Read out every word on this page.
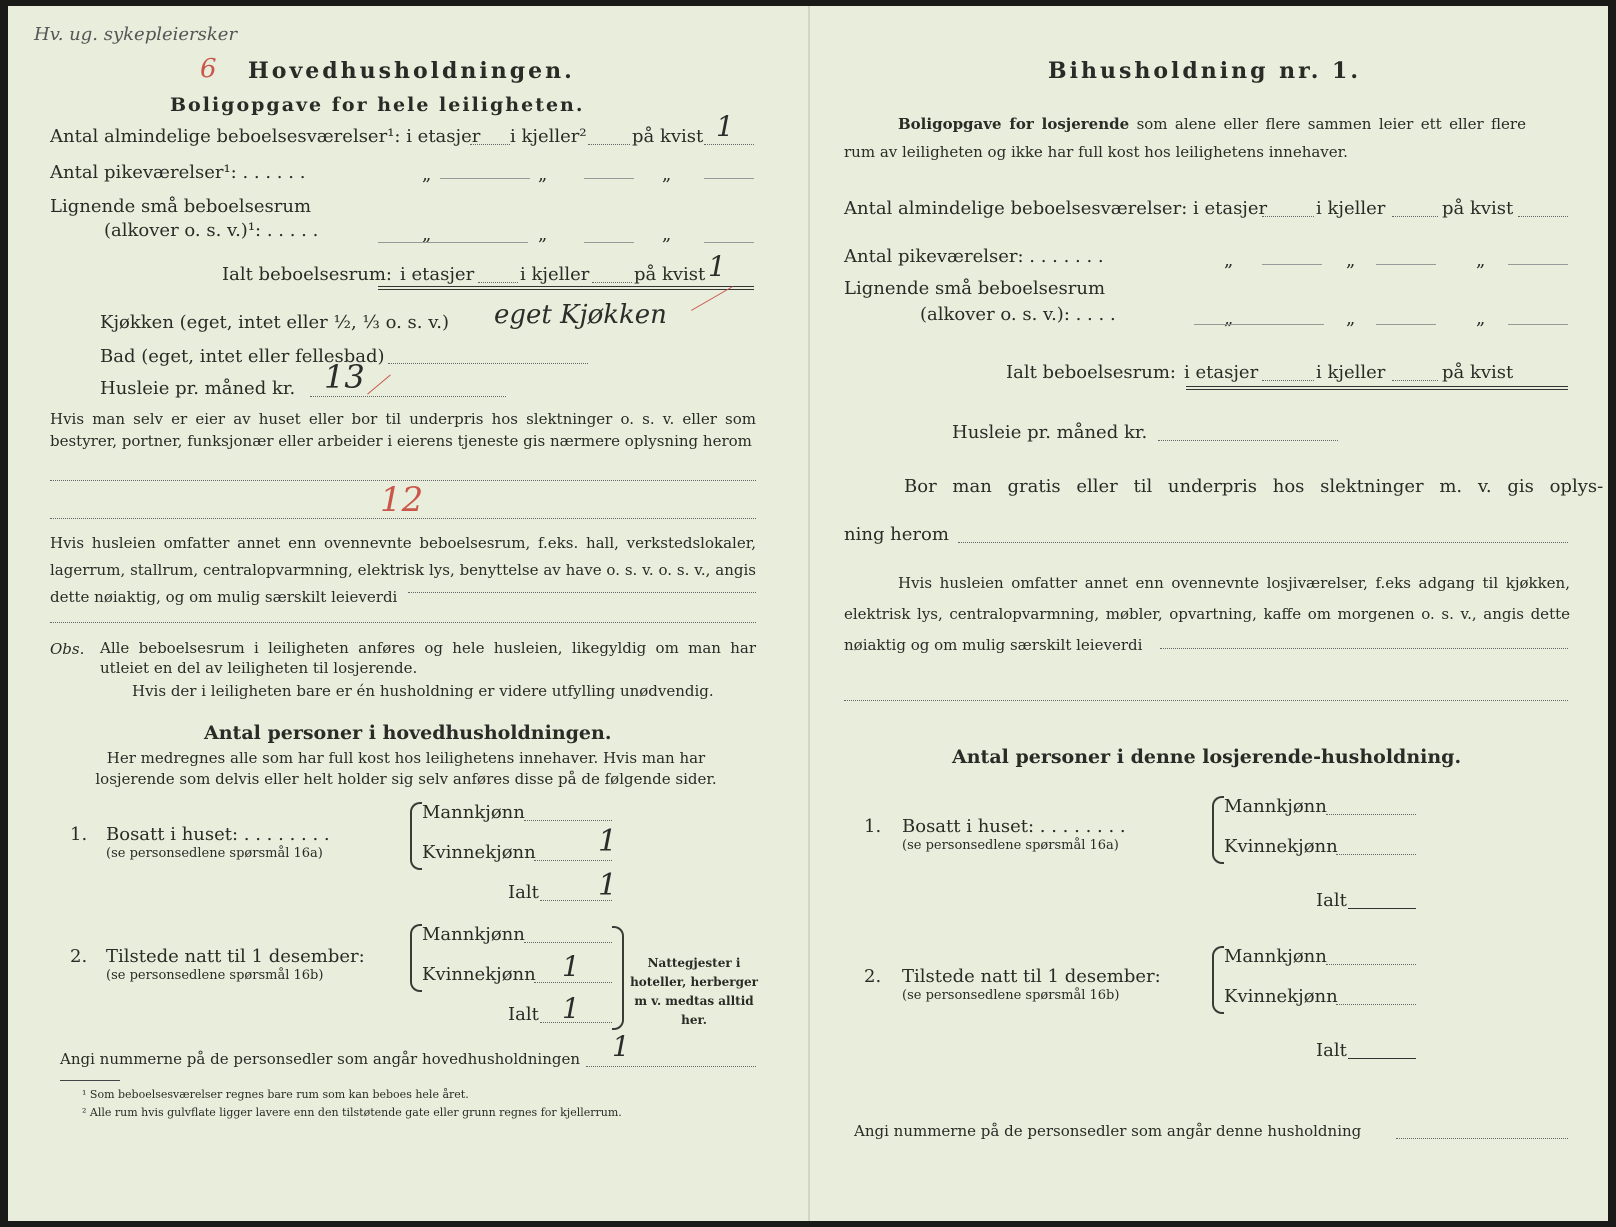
Hv. ug. sykepleiersker
6 Hovedhusholdningen.
Boligopgave for hele leiligheten.
Antal almindelige beboelsesværelser¹: i etasjer i kjeller²	på kvist 1
Antal pikeværelser¹: . . . . . .	„	„	„
Lignende små beboelsesrum
(alkover o. s. v.)¹: . . . . .	„	„	„
Ialt beboelsesrum: i etasjer	i kjeller på kvist 1
Kjøkken (eget, intet eller ½, ⅓ o. s. v.) eget Kjøkken
Bad (eget, intet eller fellesbad)
Husleie pr. måned kr. 13
Hvis man selv er eier av huset eller bor til underpris hos slektninger o. s. v. eller som bestyrer, portner, funksjonær eller arbeider i eierens tjeneste gis nærmere oplysning herom
12
Hvis husleien omfatter annet enn ovennevnte beboelsesrum, f.eks. hall, verkstedslokaler, lagerrum, stallrum, centralopvarmning, elektrisk lys, benyttelse av have o. s. v. o. s. v., angis dette nøiaktig, og om mulig særskilt leieverdi
Obs. Alle beboelsesrum i leiligheten anføres og hele husleien, likegyldig om man har utleiet en del av leiligheten til losjerende.
Hvis der i leiligheten bare er én husholdning er videre utfylling unødvendig.
Antal personer i hovedhusholdningen.
Her medregnes alle som har full kost hos leilighetens innehaver. Hvis man har losjerende som delvis eller helt holder sig selv anføres disse på de følgende sider.
1. Bosatt i huset: . . . . . . . .
(se personsedlene spørsmål 16a)
Mannkjønn
Kvinnekjønn 1
Ialt 1
2. Tilstede natt til 1 desember:
(se personsedlene spørsmål 16b)
Mannkjønn
Kvinnekjønn 1
Ialt 1
Nattegjester i hoteller, herberger m v. medtas alltid her.
Angi nummerne på de personsedler som angår hovedhusholdningen 1
¹ Som beboelsesværelser regnes bare rum som kan beboes hele året.
² Alle rum hvis gulvflate ligger lavere enn den tilstøtende gate eller grunn regnes for kjellerrum.
Bihusholdning nr. 1.
Boligopgave for losjerende som alene eller flere sammen leier ett eller flere rum av leiligheten og ikke har full kost hos leilighetens innehaver.
Antal almindelige beboelsesværelser: i etasjer	i kjeller	på kvist
Antal pikeværelser: . . . . . . .	„	„	„
Lignende små beboelsesrum
(alkover o. s. v.): . . . .	„	„	„
Ialt beboelsesrum: i etasjer	i kjeller	på kvist
Husleie pr. måned kr.
Bor man gratis eller til underpris hos slektninger m. v. gis oplys-
ning herom
Hvis husleien omfatter annet enn ovennevnte losjiværelser, f.eks adgang til kjøkken, elektrisk lys, centralopvarmning, møbler, opvartning, kaffe om morgenen o. s. v., angis dette nøiaktig og om mulig særskilt leieverdi
Antal personer i denne losjerende-husholdning.
1. Bosatt i huset: . . . . . . . .
(se personsedlene spørsmål 16a)
Mannkjønn
Kvinnekjønn
Ialt
2. Tilstede natt til 1 desember:
(se personsedlene spørsmål 16b)
Mannkjønn
Kvinnekjønn
Ialt
Angi nummerne på de personsedler som angår denne husholdning
